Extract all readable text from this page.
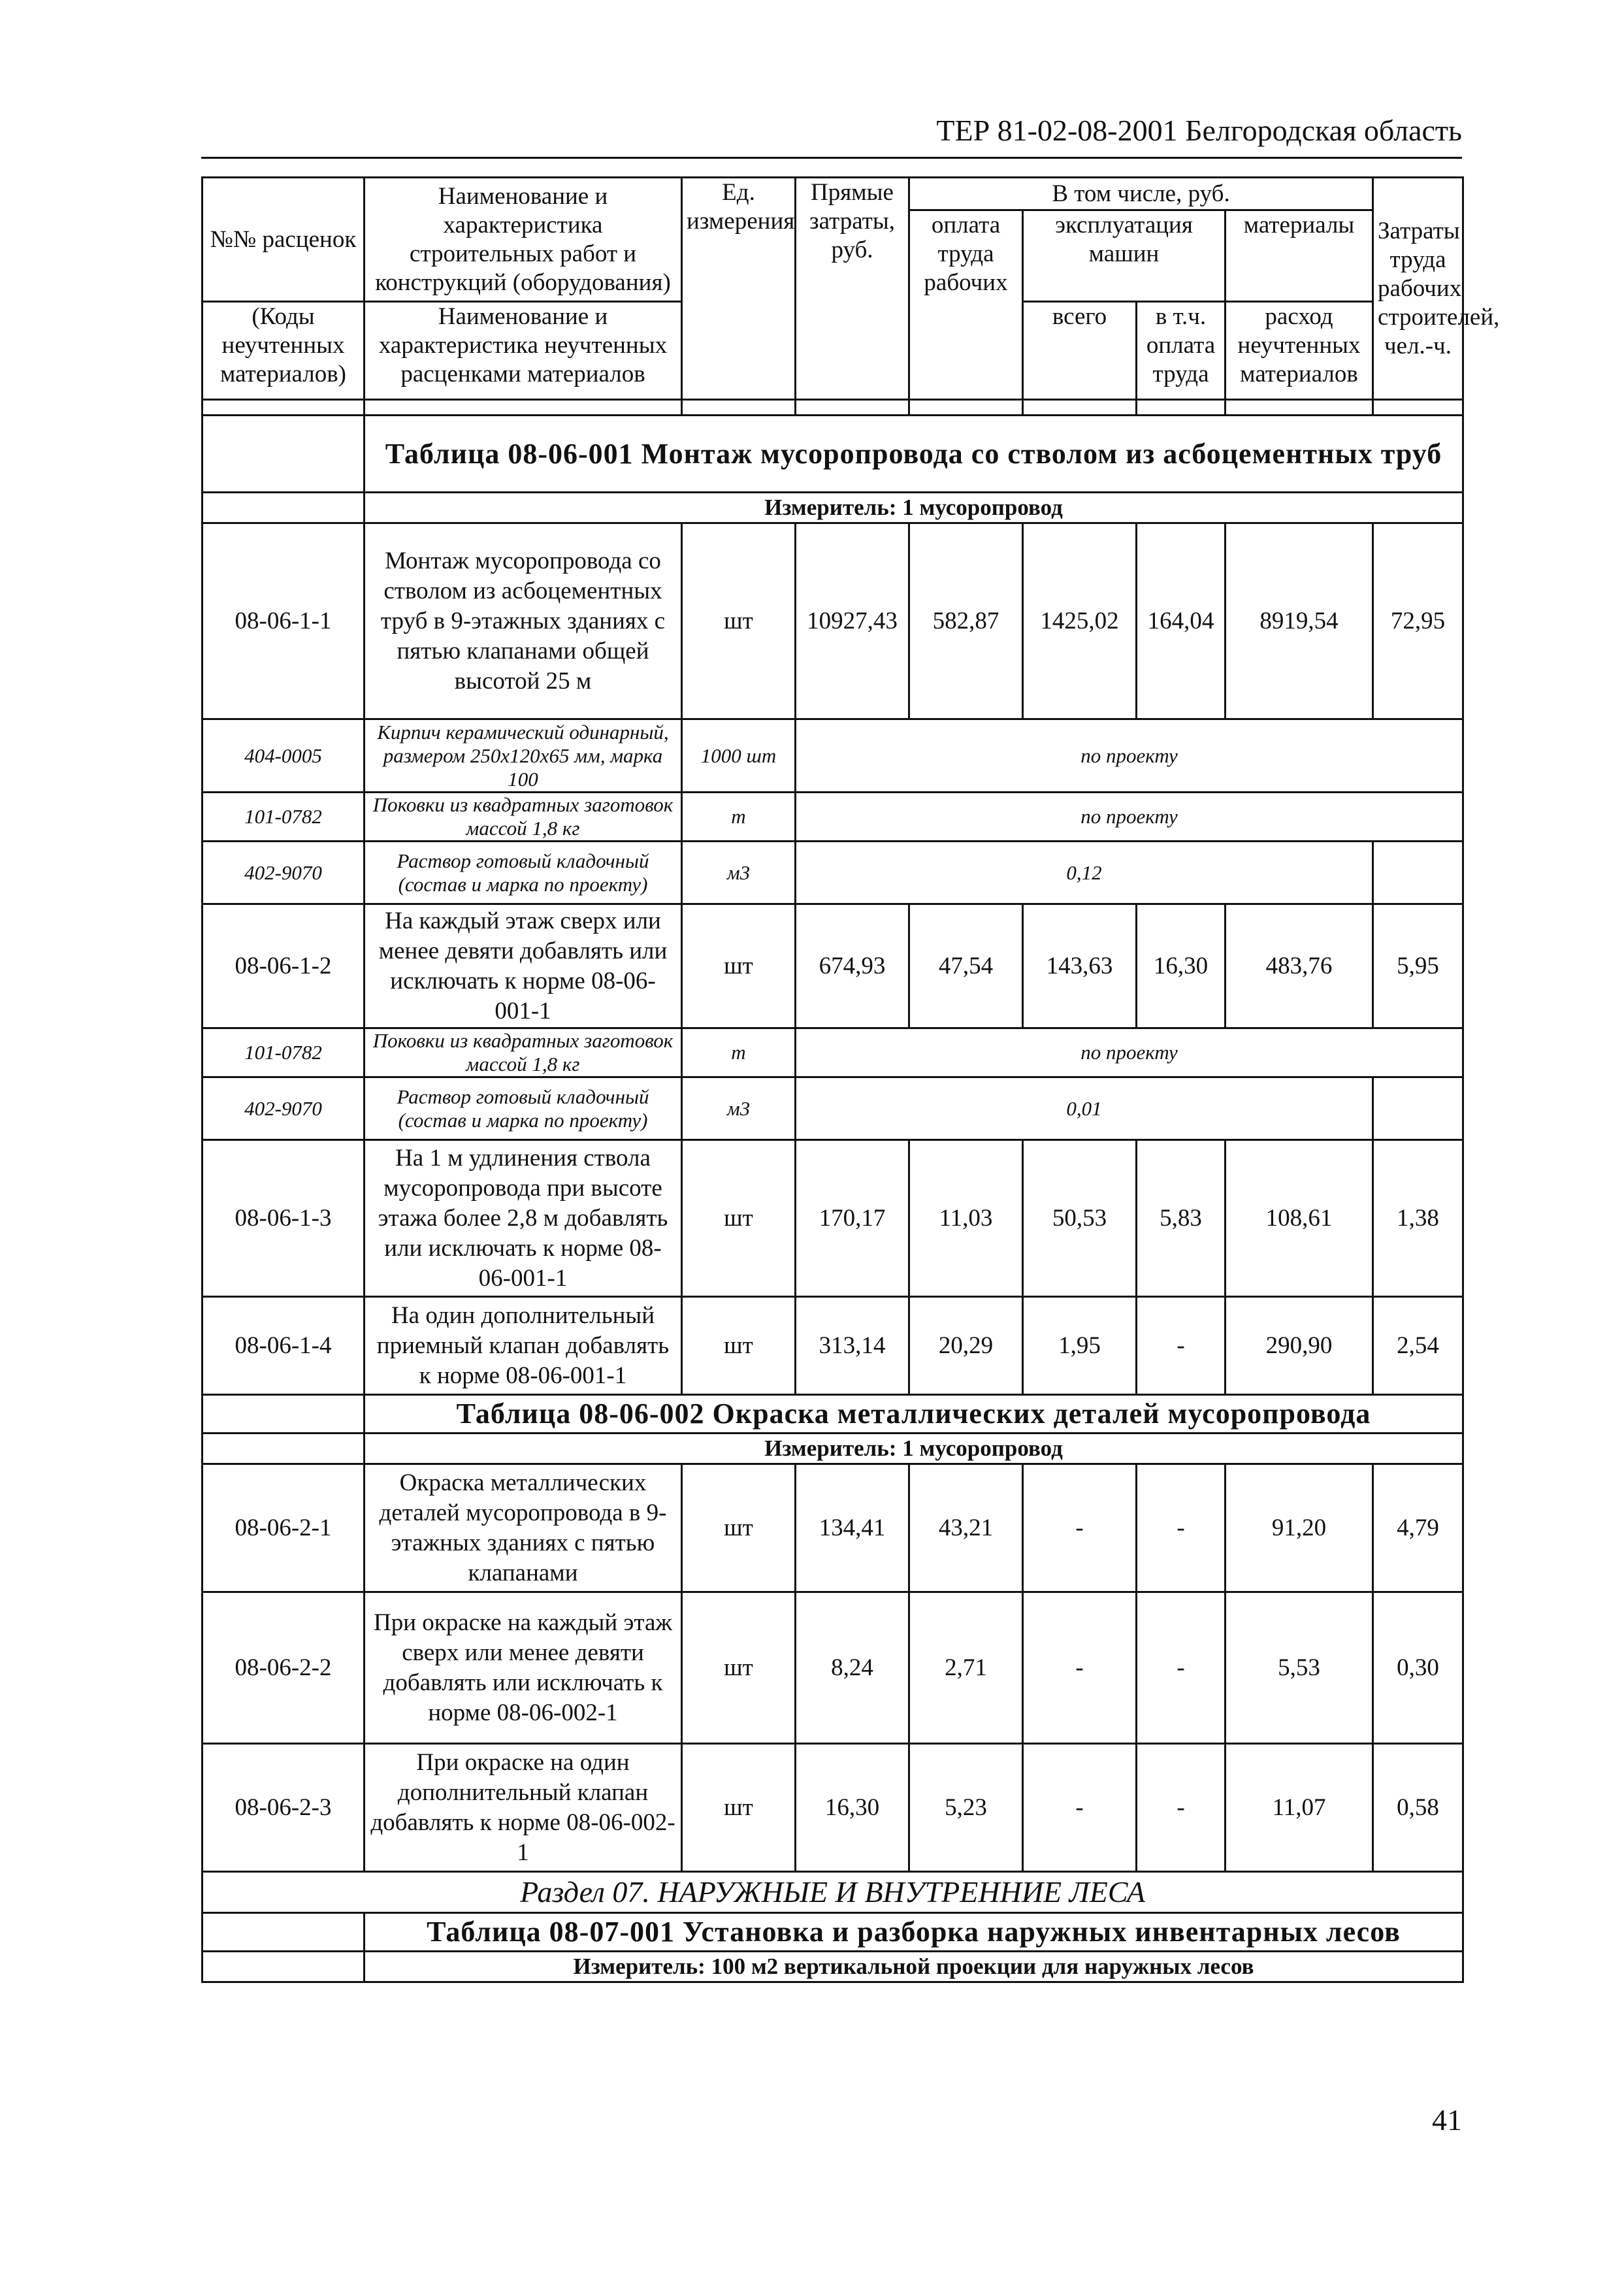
ТЕР 81-02-08-2001 Белгородская область
№№ расценок	Наименование и характеристика строительных работ и конструкций (оборудования)	Ед. измерения	Прямые затраты, руб.	В том числе, руб.				Затраты труда рабочих строителей, чел.-ч.
				оплата труда рабочих	эксплуатация машин		материалы	
(Коды неучтенных материалов)	Наименование и характеристика неучтенных расценками материалов				всего	в т.ч. оплата труда	расход неучтенных материалов	

	Таблица 08-06-001 Монтаж мусоропровода со стволом из асбоцементных труб							
	Измеритель: 1 мусоропровод							
08-06-1-1	Монтаж мусоропровода со стволом из асбоцементных труб в 9-этажных зданиях с пятью клапанами общей высотой 25 м	шт	10927,43	582,87	1425,02	164,04	8919,54	72,95
404-0005	Кирпич керамический одинарный, размером 250x120x65 мм, марка 100	1000 шт	по проекту					
101-0782	Поковки из квадратных заготовок массой 1,8 кг	т	по проекту					
402-9070	Раствор готовый кладочный (состав и марка по проекту)	м3	0,12					
08-06-1-2	На каждый этаж сверх или менее девяти добавлять или исключать к норме 08-06-001-1	шт	674,93	47,54	143,63	16,30	483,76	5,95
101-0782	Поковки из квадратных заготовок массой 1,8 кг	т	по проекту					
402-9070	Раствор готовый кладочный (состав и марка по проекту)	м3	0,01					
08-06-1-3	На 1 м удлинения ствола мусоропровода при высоте этажа более 2,8 м добавлять или исключать к норме 08-06-001-1	шт	170,17	11,03	50,53	5,83	108,61	1,38
08-06-1-4	На один дополнительный приемный клапан добавлять к норме 08-06-001-1	шт	313,14	20,29	1,95	-	290,90	2,54
	Таблица 08-06-002 Окраска металлических деталей мусоропровода							
	Измеритель: 1 мусоропровод							
08-06-2-1	Окраска металлических деталей мусоропровода в 9-этажных зданиях с пятью клапанами	шт	134,41	43,21	-	-	91,20	4,79
08-06-2-2	При окраске на каждый этаж сверх или менее девяти добавлять или исключать к норме 08-06-002-1	шт	8,24	2,71	-	-	5,53	0,30
08-06-2-3	При окраске на один дополнительный клапан добавлять к норме 08-06-002-1	шт	16,30	5,23	-	-	11,07	0,58
Раздел 07. НАРУЖНЫЕ И ВНУТРЕННИЕ ЛЕСА								
	Таблица 08-07-001 Установка и разборка наружных инвентарных лесов							
	Измеритель: 100 м2 вертикальной проекции для наружных лесов							
41
